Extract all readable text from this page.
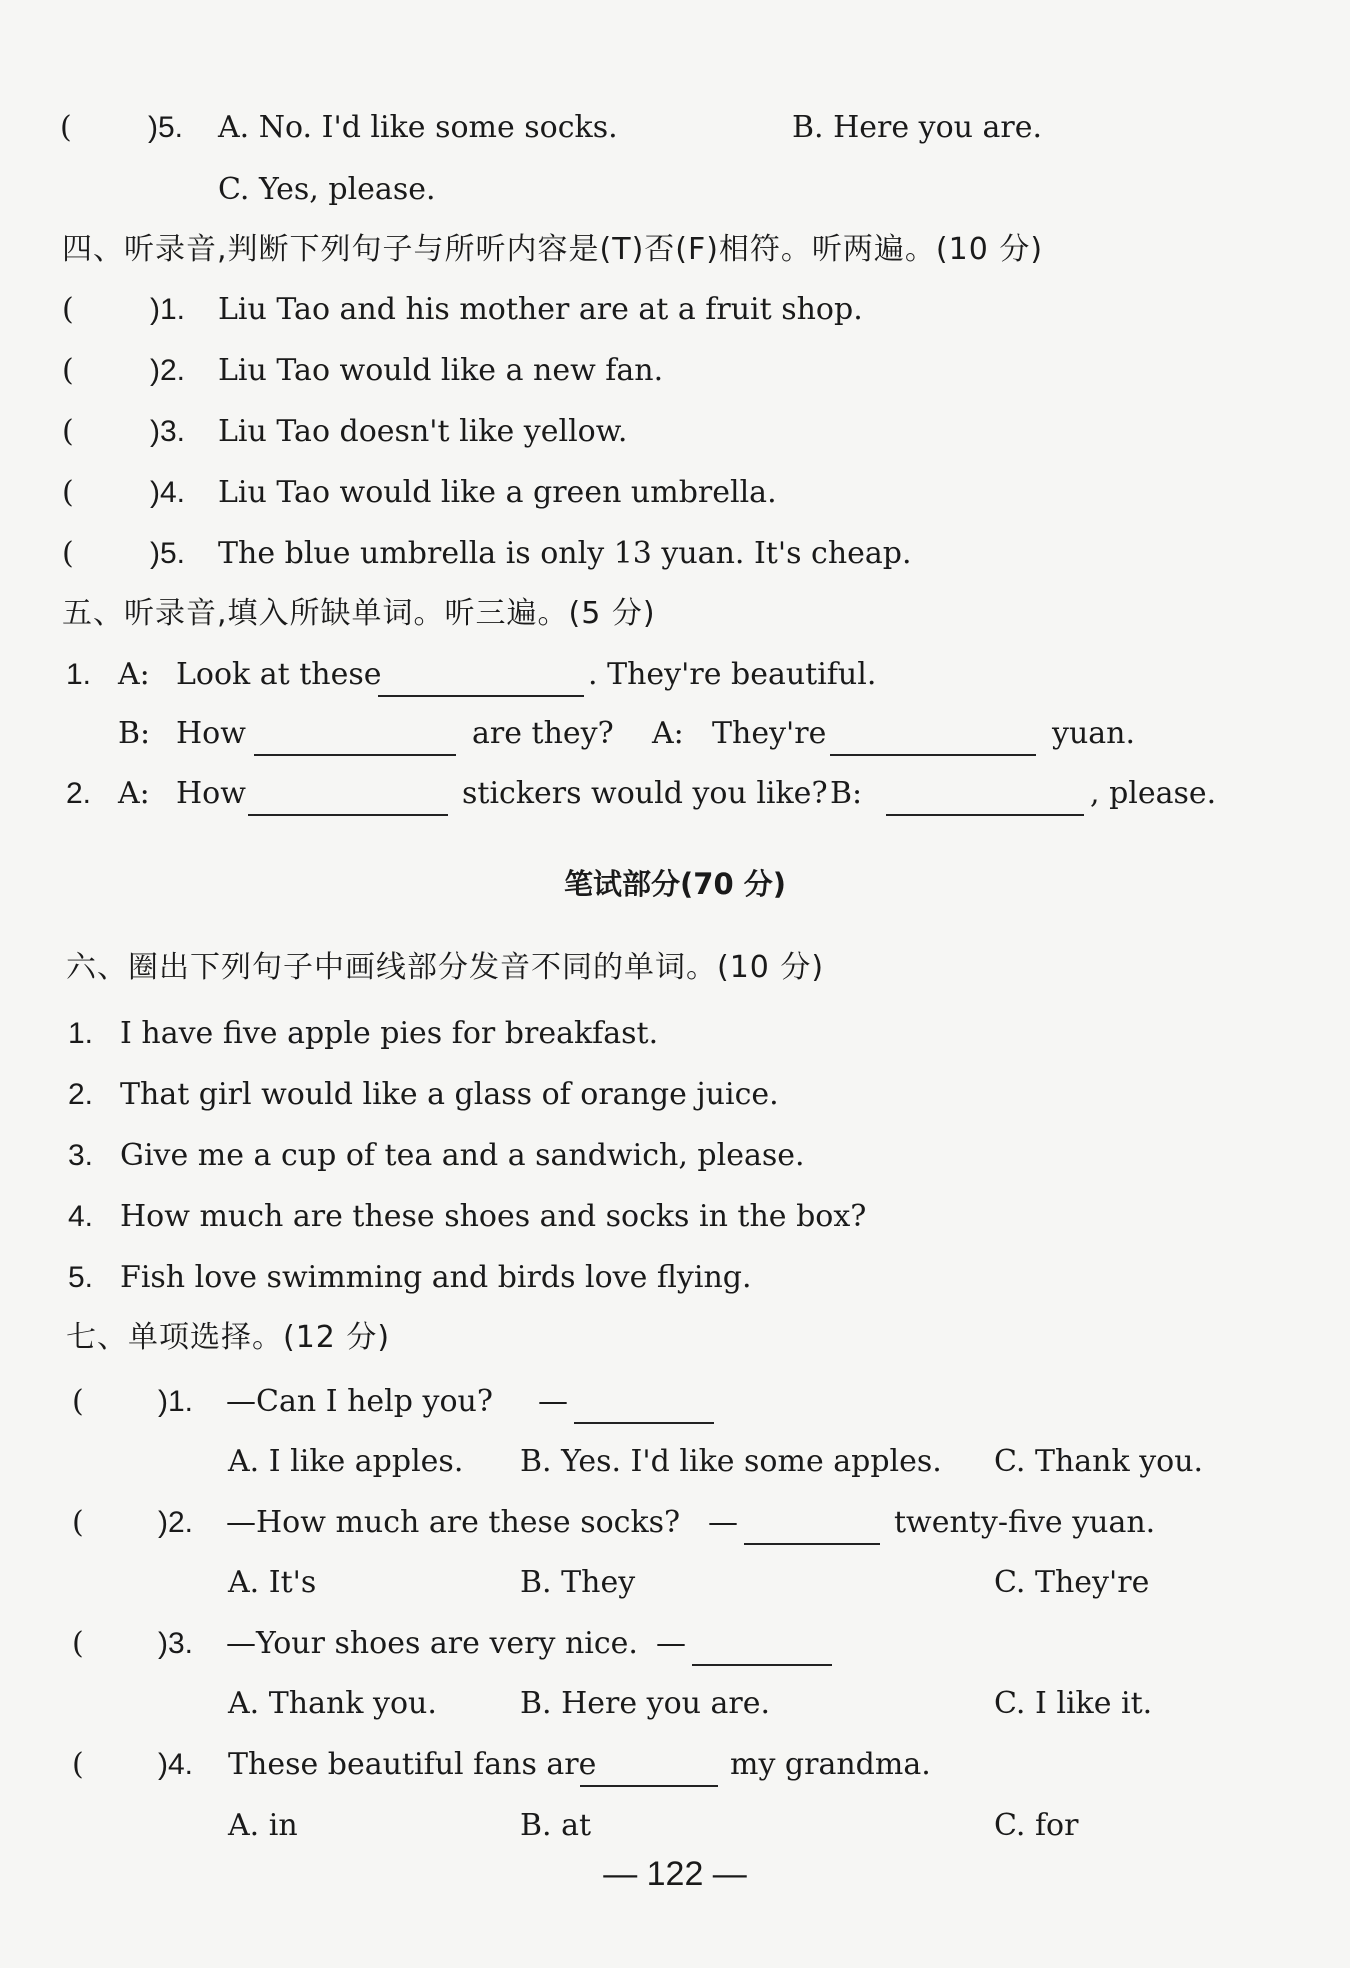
(	)5. A. No. I'd like some socks.	B. Here you are.
C. Yes, please.
四、听录音,判断下列句子与所听内容是(T)否(F)相符。听两遍。(10 分)
(	)1. Liu Tao and his mother are at a fruit shop.
(	)2. Liu Tao would like a new fan.
(	)3. Liu Tao doesn't like yellow.
(	)4. Liu Tao would like a green umbrella.
(	)5. The blue umbrella is only 13 yuan. It's cheap.
五、听录音,填入所缺单词。听三遍。(5 分)
1. A: Look at these	. They're beautiful.
B: How	are they? A: They're	yuan.
2. A: How	stickers would you like? B:	, please.
笔试部分(70 分)
六、圈出下列句子中画线部分发音不同的单词。(10 分)
1. I have five apple pies for breakfast.
2. That girl would like a glass of orange juice.
3. Give me a cup of tea and a sandwich, please.
4. How much are these shoes and socks in the box?
5. Fish love swimming and birds love flying.
七、单项选择。(12 分)
( )1. —Can I help you? —
A. I like apples. B. Yes. I'd like some apples. C. Thank you.
( )2. —How much are these socks? —	twenty-five yuan.
A. It's	B. They	C. They're
( )3. —Your shoes are very nice. —
A. Thank you.	B. Here you are.	C. I like it.
( )4. These beautiful fans are	my grandma.
A. in	B. at	C. for
— 122 —
